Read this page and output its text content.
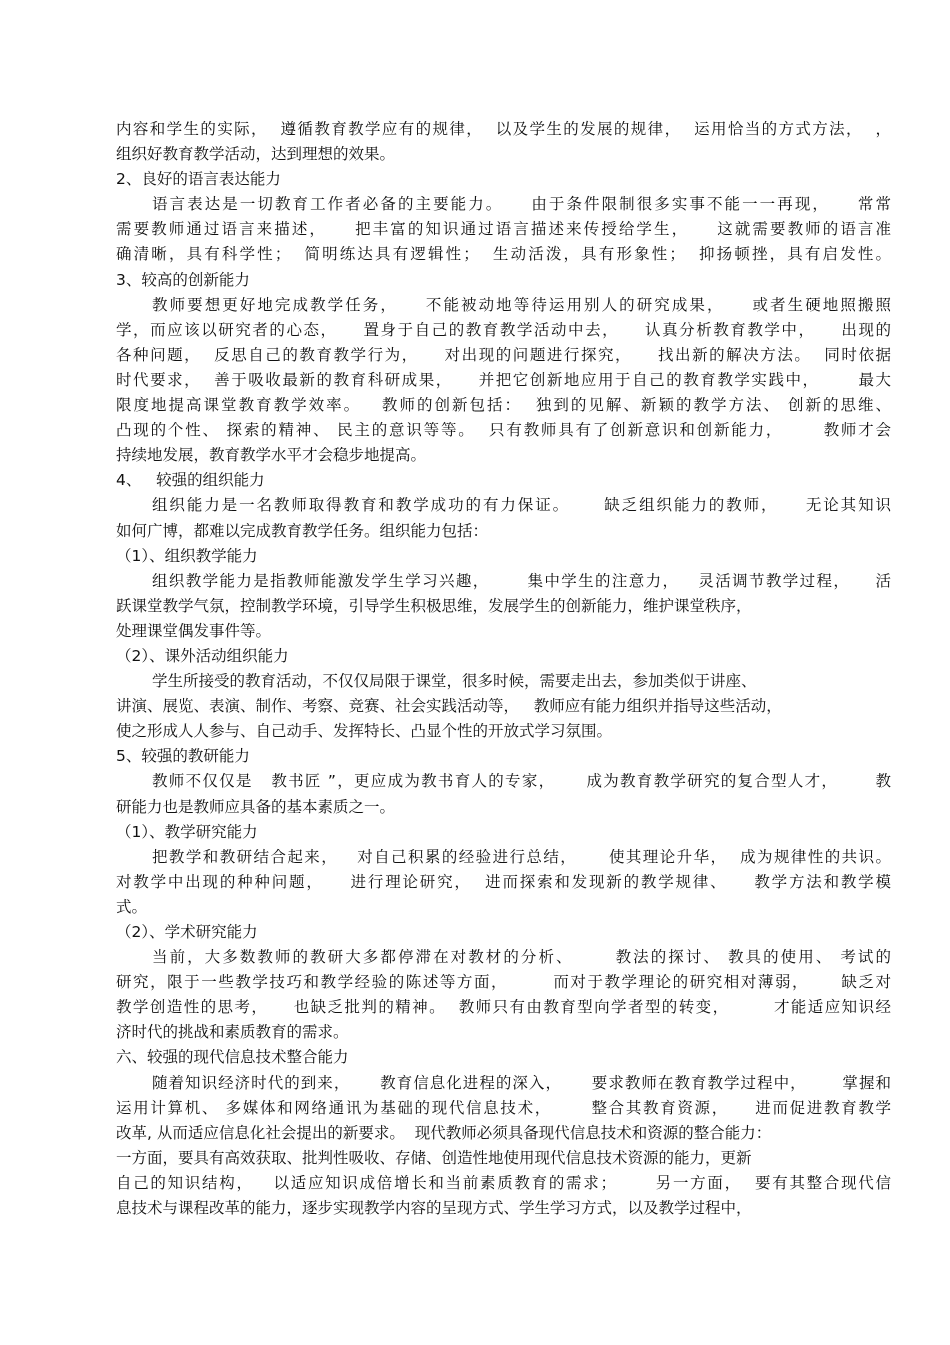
内容和学生的实际，  遵循教育教学应有的规律，  以及学生的发展的规律，  运用恰当的方式方法，  ，
组织好教育教学活动，达到理想的效果。
2、良好的语言表达能力
语言表达是一切教育工作者必备的主要能力。    由于条件限制很多实事不能一一再现，    常常
需要教师通过语言来描述，    把丰富的知识通过语言描述来传授给学生，    这就需要教师的语言准
确清晰，具有科学性；  简明练达具有逻辑性；  生动活泼，具有形象性；  抑扬顿挫，具有启发性。
3、较高的创新能力
教师要想更好地完成教学任务，    不能被动地等待运用别人的研究成果，    或者生硬地照搬照
学，而应该以研究者的心态，    置身于自己的教育教学活动中去，    认真分析教育教学中，    出现的
各种问题，  反思自己的教育教学行为，    对出现的问题进行探究，    找出新的解决方法。  同时依据
时代要求，  善于吸收最新的教育科研成果，    并把它创新地应用于自己的教育教学实践中，      最大
限度地提高课堂教育教学效率。   教师的创新包括：  独到的见解、新颖的教学方法、 创新的思维、
凸现的个性、 探索的精神、 民主的意识等等。  只有教师具有了创新意识和创新能力，      教师才会
持续地发展，教育教学水平才会稳步地提高。
4、   较强的组织能力
组织能力是一名教师取得教育和教学成功的有力保证。     缺乏组织能力的教师，    无论其知识
如何广博，都难以完成教育教学任务。组织能力包括：
（1）、组织教学能力
组织教学能力是指教师能激发学生学习兴趣，      集中学生的注意力，   灵活调节教学过程，    活
跃课堂教学气氛，控制教学环境，引导学生积极思维，发展学生的创新能力，维护课堂秩序，
处理课堂偶发事件等。
（2）、课外活动组织能力
学生所接受的教育活动，不仅仅局限于课堂，很多时候，需要走出去，参加类似于讲座、
讲演、展览、表演、制作、考察、竞赛、社会实践活动等，   教师应有能力组织并指导这些活动，
使之形成人人参与、自己动手、发挥特长、凸显个性的开放式学习氛围。
5、较强的教研能力
教师不仅仅是   教书匠 ”，更应成为教书育人的专家，     成为教育教学研究的复合型人才，      教
研能力也是教师应具备的基本素质之一。
（1）、教学研究能力
把教学和教研结合起来，   对自己积累的经验进行总结，     使其理论升华，  成为规律性的共识。
对教学中出现的种种问题，    进行理论研究，  进而探索和发现新的教学规律、    教学方法和教学模
式。
（2）、学术研究能力
当前，大多数教师的教研大多都停滞在对教材的分析、      教法的探讨、 教具的使用、 考试的
研究，限于一些教学技巧和教学经验的陈述等方面，       而对于教学理论的研究相对薄弱，     缺乏对
教学创造性的思考，    也缺乏批判的精神。  教师只有由教育型向学者型的转变，       才能适应知识经
济时代的挑战和素质教育的需求。
六、较强的现代信息技术整合能力
随着知识经济时代的到来，     教育信息化进程的深入，     要求教师在教育教学过程中，      掌握和
运用计算机、 多媒体和网络通讯为基础的现代信息技术，      整合其教育资源，    进而促进教育教学
改革, 从而适应信息化社会提出的新要求。  现代教师必须具备现代信息技术和资源的整合能力：
一方面，要具有高效获取、批判性吸收、存储、创造性地使用现代信息技术资源的能力，更新
自己的知识结构，   以适应知识成倍增长和当前素质教育的需求；      另一方面，  要有其整合现代信
息技术与课程改革的能力，逐步实现教学内容的呈现方式、学生学习方式，以及教学过程中，
